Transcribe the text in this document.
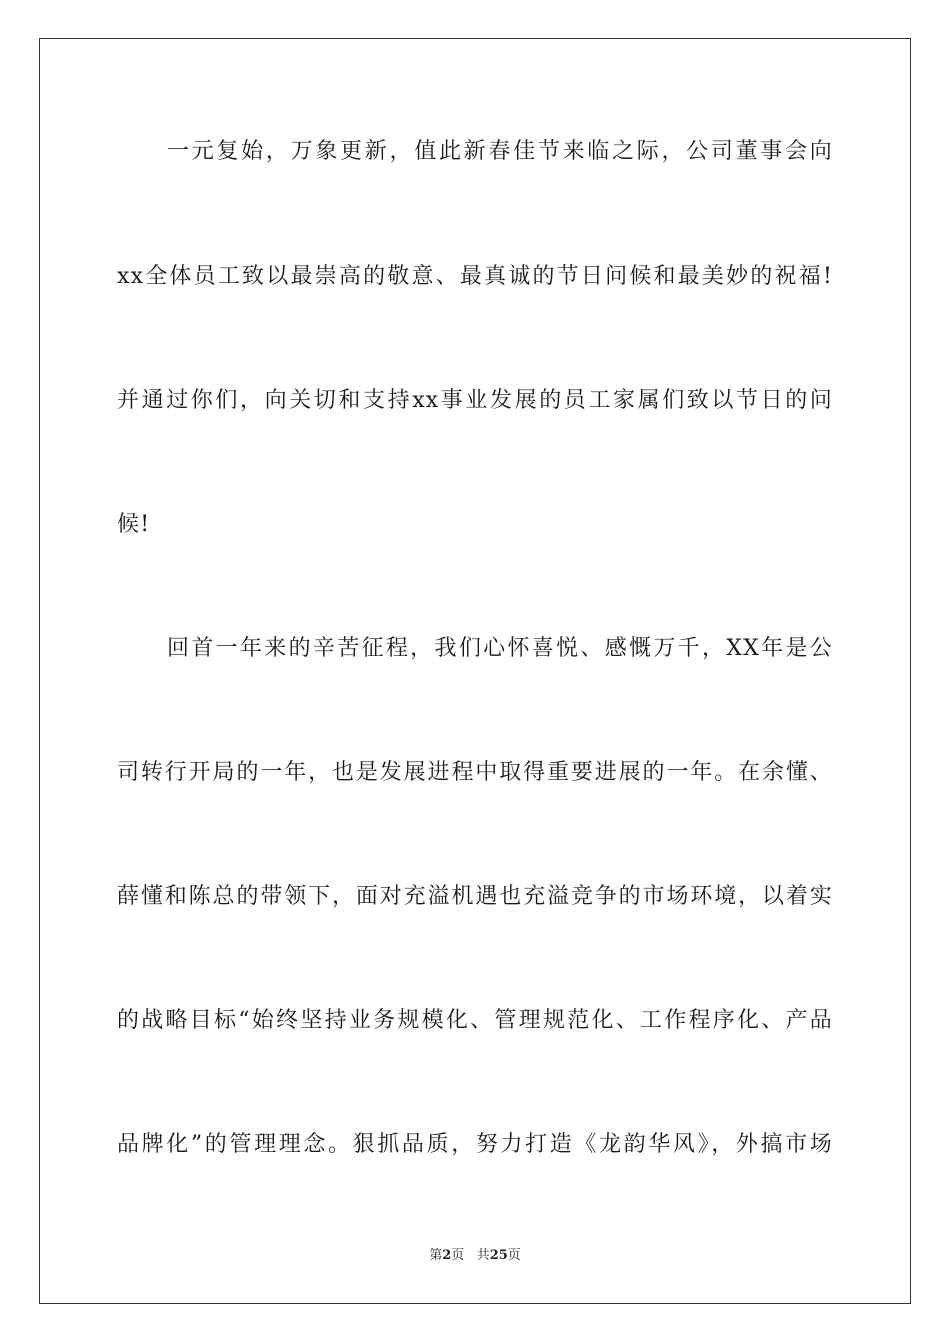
一元复始，万象更新，值此新春佳节来临之际，公司董事会向
xx全体员工致以最崇高的敬意、最真诚的节日问候和最美妙的祝福!
并通过你们，向关切和支持xx事业发展的员工家属们致以节日的问
候!
回首一年来的辛苦征程，我们心怀喜悦、感慨万千，XX年是公
司转行开局的一年，也是发展进程中取得重要进展的一年。在余懂、
薛懂和陈总的带领下，面对充溢机遇也充溢竞争的市场环境，以着实
的战略目标“始终坚持业务规模化、管理规范化、工作程序化、产品
品牌化”的管理理念。狠抓品质，努力打造《龙韵华风》，外搞市场
第2页 共25页
